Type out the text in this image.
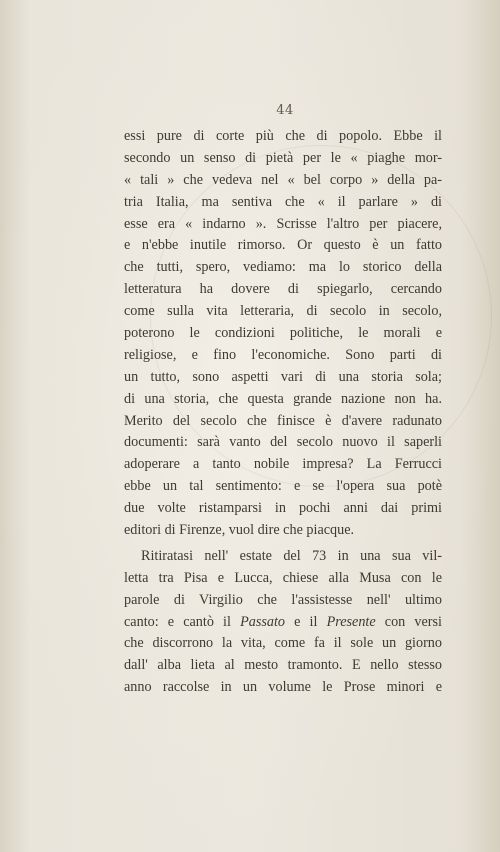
44
essi pure di corte più che di popolo. Ebbe il
secondo un senso di pietà per le « piaghe mor-
« tali » che vedeva nel « bel corpo » della pa-
tria Italia, ma sentiva che « il parlare » di
esse era « indarno ». Scrisse l'altro per piacere,
e n'ebbe inutile rimorso. Or questo è un fatto
che tutti, spero, vediamo: ma lo storico della
letteratura ha dovere di spiegarlo, cercando
come sulla vita letteraria, di secolo in secolo,
poterono le condizioni politiche, le morali e
religiose, e fino l'economiche. Sono parti di
un tutto, sono aspetti vari di una storia sola;
di una storia, che questa grande nazione non ha.
Merito del secolo che finisce è d'avere radunato
documenti: sarà vanto del secolo nuovo il saperli
adoperare a tanto nobile impresa? La Ferrucci
ebbe un tal sentimento: e se l'opera sua potè
due volte ristamparsi in pochi anni dai primi
editori di Firenze, vuol dire che piacque.
Ritiratasi nell' estate del 73 in una sua vil-
letta tra Pisa e Lucca, chiese alla Musa con le
parole di Virgilio che l'assistesse nell' ultimo
canto: e cantò il Passato e il Presente con versi
che discorrono la vita, come fa il sole un giorno
dall' alba lieta al mesto tramonto. E nello stesso
anno raccolse in un volume le Prose minori e
